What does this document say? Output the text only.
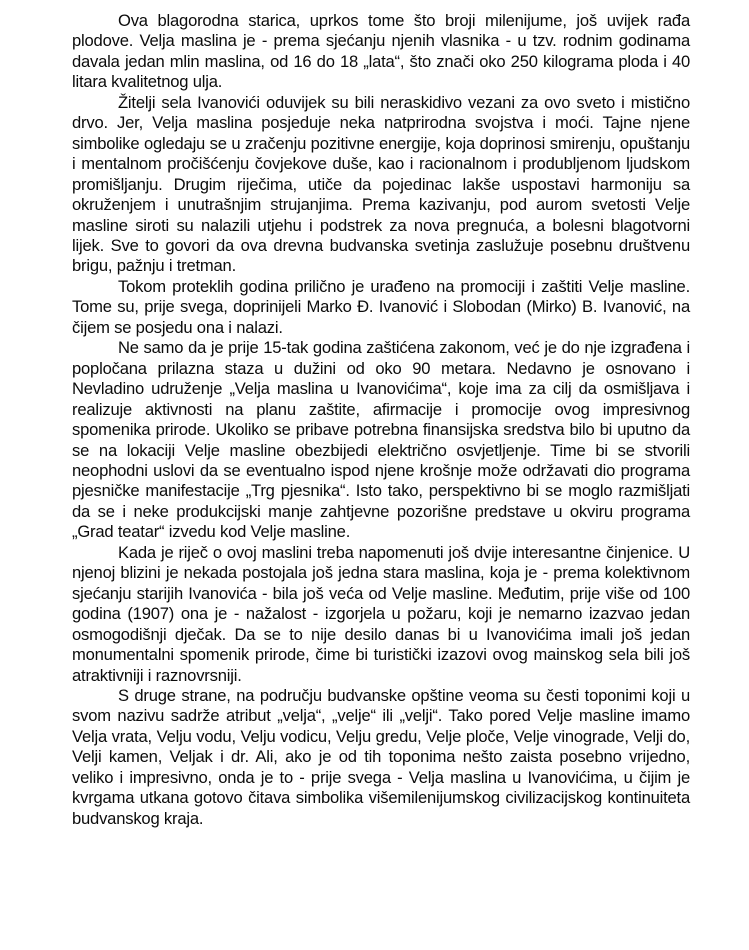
Ova blagorodna starica, uprkos tome što broji milenijume, još uvijek rađa plodove. Velja maslina je - prema sjećanju njenih vlasnika - u tzv. rodnim godinama davala jedan mlin maslina, od 16 do 18 „lata“, što znači oko 250 kilograma ploda i 40 litara kvalitetnog ulja.

Žitelji sela Ivanovići oduvijek su bili neraskidivo vezani za ovo sveto i mistično drvo. Jer, Velja maslina posjeduje neka natprirodna svojstva i moći. Tajne njene simbolike ogledaju se u zračenju pozitivne energije, koja doprinosi smirenju, opuštanju i mentalnom pročišćenju čovjekove duše, kao i racionalnom i produbljenom ljudskom promišljanju. Drugim riječima, utiče da pojedinac lakše uspostavi harmoniju sa okruženjem i unutrašnjim strujanjima. Prema kazivanju, pod aurom svetosti Velje masline siroti su nalazili utjehu i podstrek za nova pregnuća, a bolesni blagotvorni lijek. Sve to govori da ova drevna budvanska svetinja zaslužuje posebnu društvenu brigu, pažnju i tretman.

Tokom proteklih godina prilično je urađeno na promociji i zaštiti Velje masline. Tome su, prije svega, doprinijeli Marko Đ. Ivanović i Slobodan (Mirko) B. Ivanović, na čijem se posjedu ona i nalazi.

Ne samo da je prije 15-tak godina zaštićena zakonom, već je do nje izgrađena i popločana prilazna staza u dužini od oko 90 metara. Nedavno je osnovano i Nevladino udruženje „Velja maslina u Ivanovićima“, koje ima za cilj da osmišljava i realizuje aktivnosti na planu zaštite, afirmacije i promocije ovog impresivnog spomenika prirode. Ukoliko se pribave potrebna finansijska sredstva bilo bi uputno da se na lokaciji Velje masline obezbijedi električno osvjetljenje. Time bi se stvorili neophodni uslovi da se eventualno ispod njene krošnje može održavati dio programa pjesničke manifestacije „Trg pjesnika“. Isto tako, perspektivno bi se moglo razmišljati da se i neke produkcijski manje zahtjevne pozorišne predstave u okviru programa „Grad teatar“ izvedu kod Velje masline.

Kada je riječ o ovoj maslini treba napomenuti još dvije interesantne činjenice. U njenoj blizini je nekada postojala još jedna stara maslina, koja je - prema kolektivnom sjećanju starijih Ivanovića - bila još veća od Velje masline. Međutim, prije više od 100 godina (1907) ona je - nažalost - izgorjela u požaru, koji je nemarno izazvao jedan osmogodišnji dječak. Da se to nije desilo danas bi u Ivanovićima imali još jedan monumentalni spomenik prirode, čime bi turistički izazovi ovog mainskog sela bili još atraktivniji i raznovrsniji.

S druge strane, na području budvanske opštine veoma su česti toponimi koji u svom nazivu sadrže atribut „velja“, „velje“ ili „velji“. Tako pored Velje masline imamo Velja vrata, Velju vodu, Velju vodicu, Velju gredu, Velje ploče, Velje vinograde, Velji do, Velji kamen, Veljak i dr. Ali, ako je od tih toponima nešto zaista posebno vrijedno, veliko i impresivno, onda je to - prije svega - Velja maslina u Ivanovićima, u čijim je kvrgama utkana gotovo čitava simbolika višemilenijumskog civilizacijskog kontinuiteta budvanskog kraja.
